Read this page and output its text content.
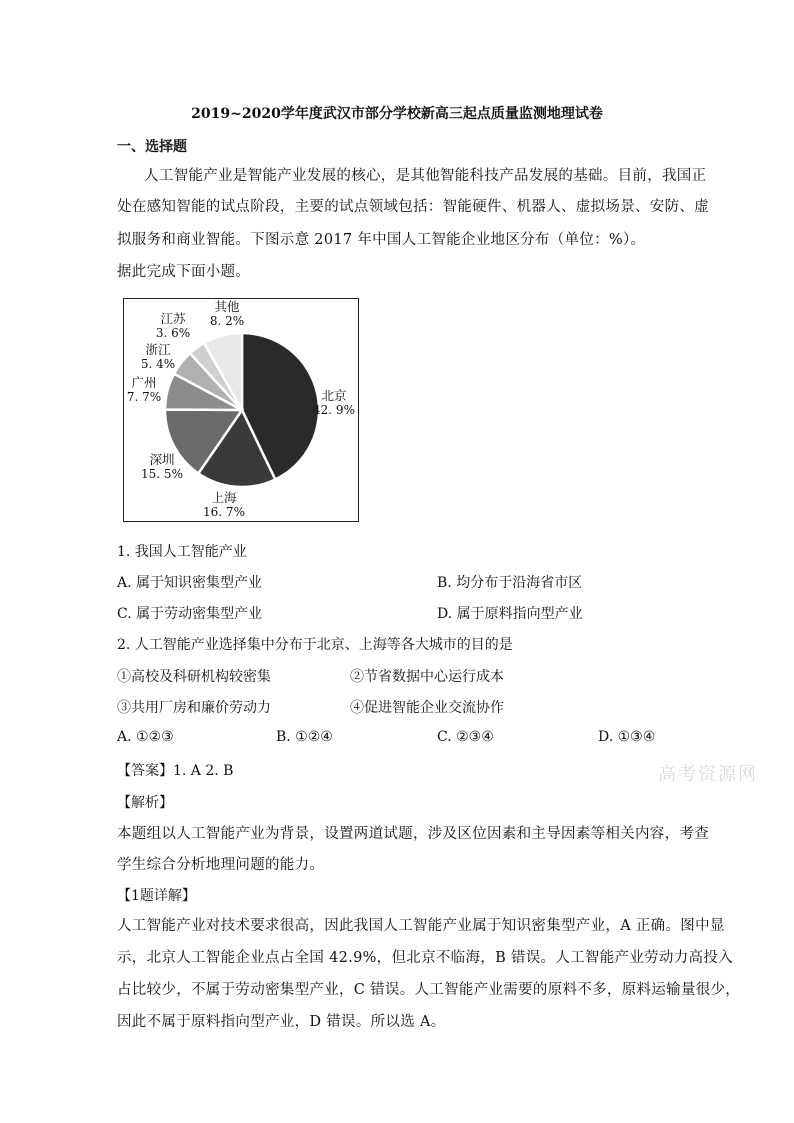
2019~2020学年度武汉市部分学校新高三起点质量监测地理试卷
一、选择题
人工智能产业是智能产业发展的核心，是其他智能科技产品发展的基础。目前，我国正
处在感知智能的试点阶段，主要的试点领域包括：智能硬件、机器人、虚拟场景、安防、虚
拟服务和商业智能。下图示意 2017 年中国人工智能企业地区分布（单位：%）。
据此完成下面小题。
北京
42. 9%
上海
16. 7%
深圳
15. 5%
广州
7. 7%
浙江
5. 4%
江苏
3. 6%
其他
8. 2%
1. 我国人工智能产业
A. 属于知识密集型产业	B. 均分布于沿海省市区
C. 属于劳动密集型产业	D. 属于原料指向型产业
2. 人工智能产业选择集中分布于北京、上海等各大城市的目的是
①高校及科研机构较密集	②节省数据中心运行成本
③共用厂房和廉价劳动力	④促进智能企业交流协作
A. ①②③	B. ①②④	C. ②③④	D. ①③④
【答案】1. A 2. B	高考资源网
【解析】
本题组以人工智能产业为背景，设置两道试题，涉及区位因素和主导因素等相关内容，考查
学生综合分析地理问题的能力。
【1题详解】
人工智能产业对技术要求很高，因此我国人工智能产业属于知识密集型产业，A 正确。图中显
示，北京人工智能企业点占全国 42.9%，但北京不临海，B 错误。人工智能产业劳动力高投入
占比较少，不属于劳动密集型产业，C 错误。人工智能产业需要的原料不多，原料运输量很少，
因此不属于原料指向型产业，D 错误。所以选 A。
